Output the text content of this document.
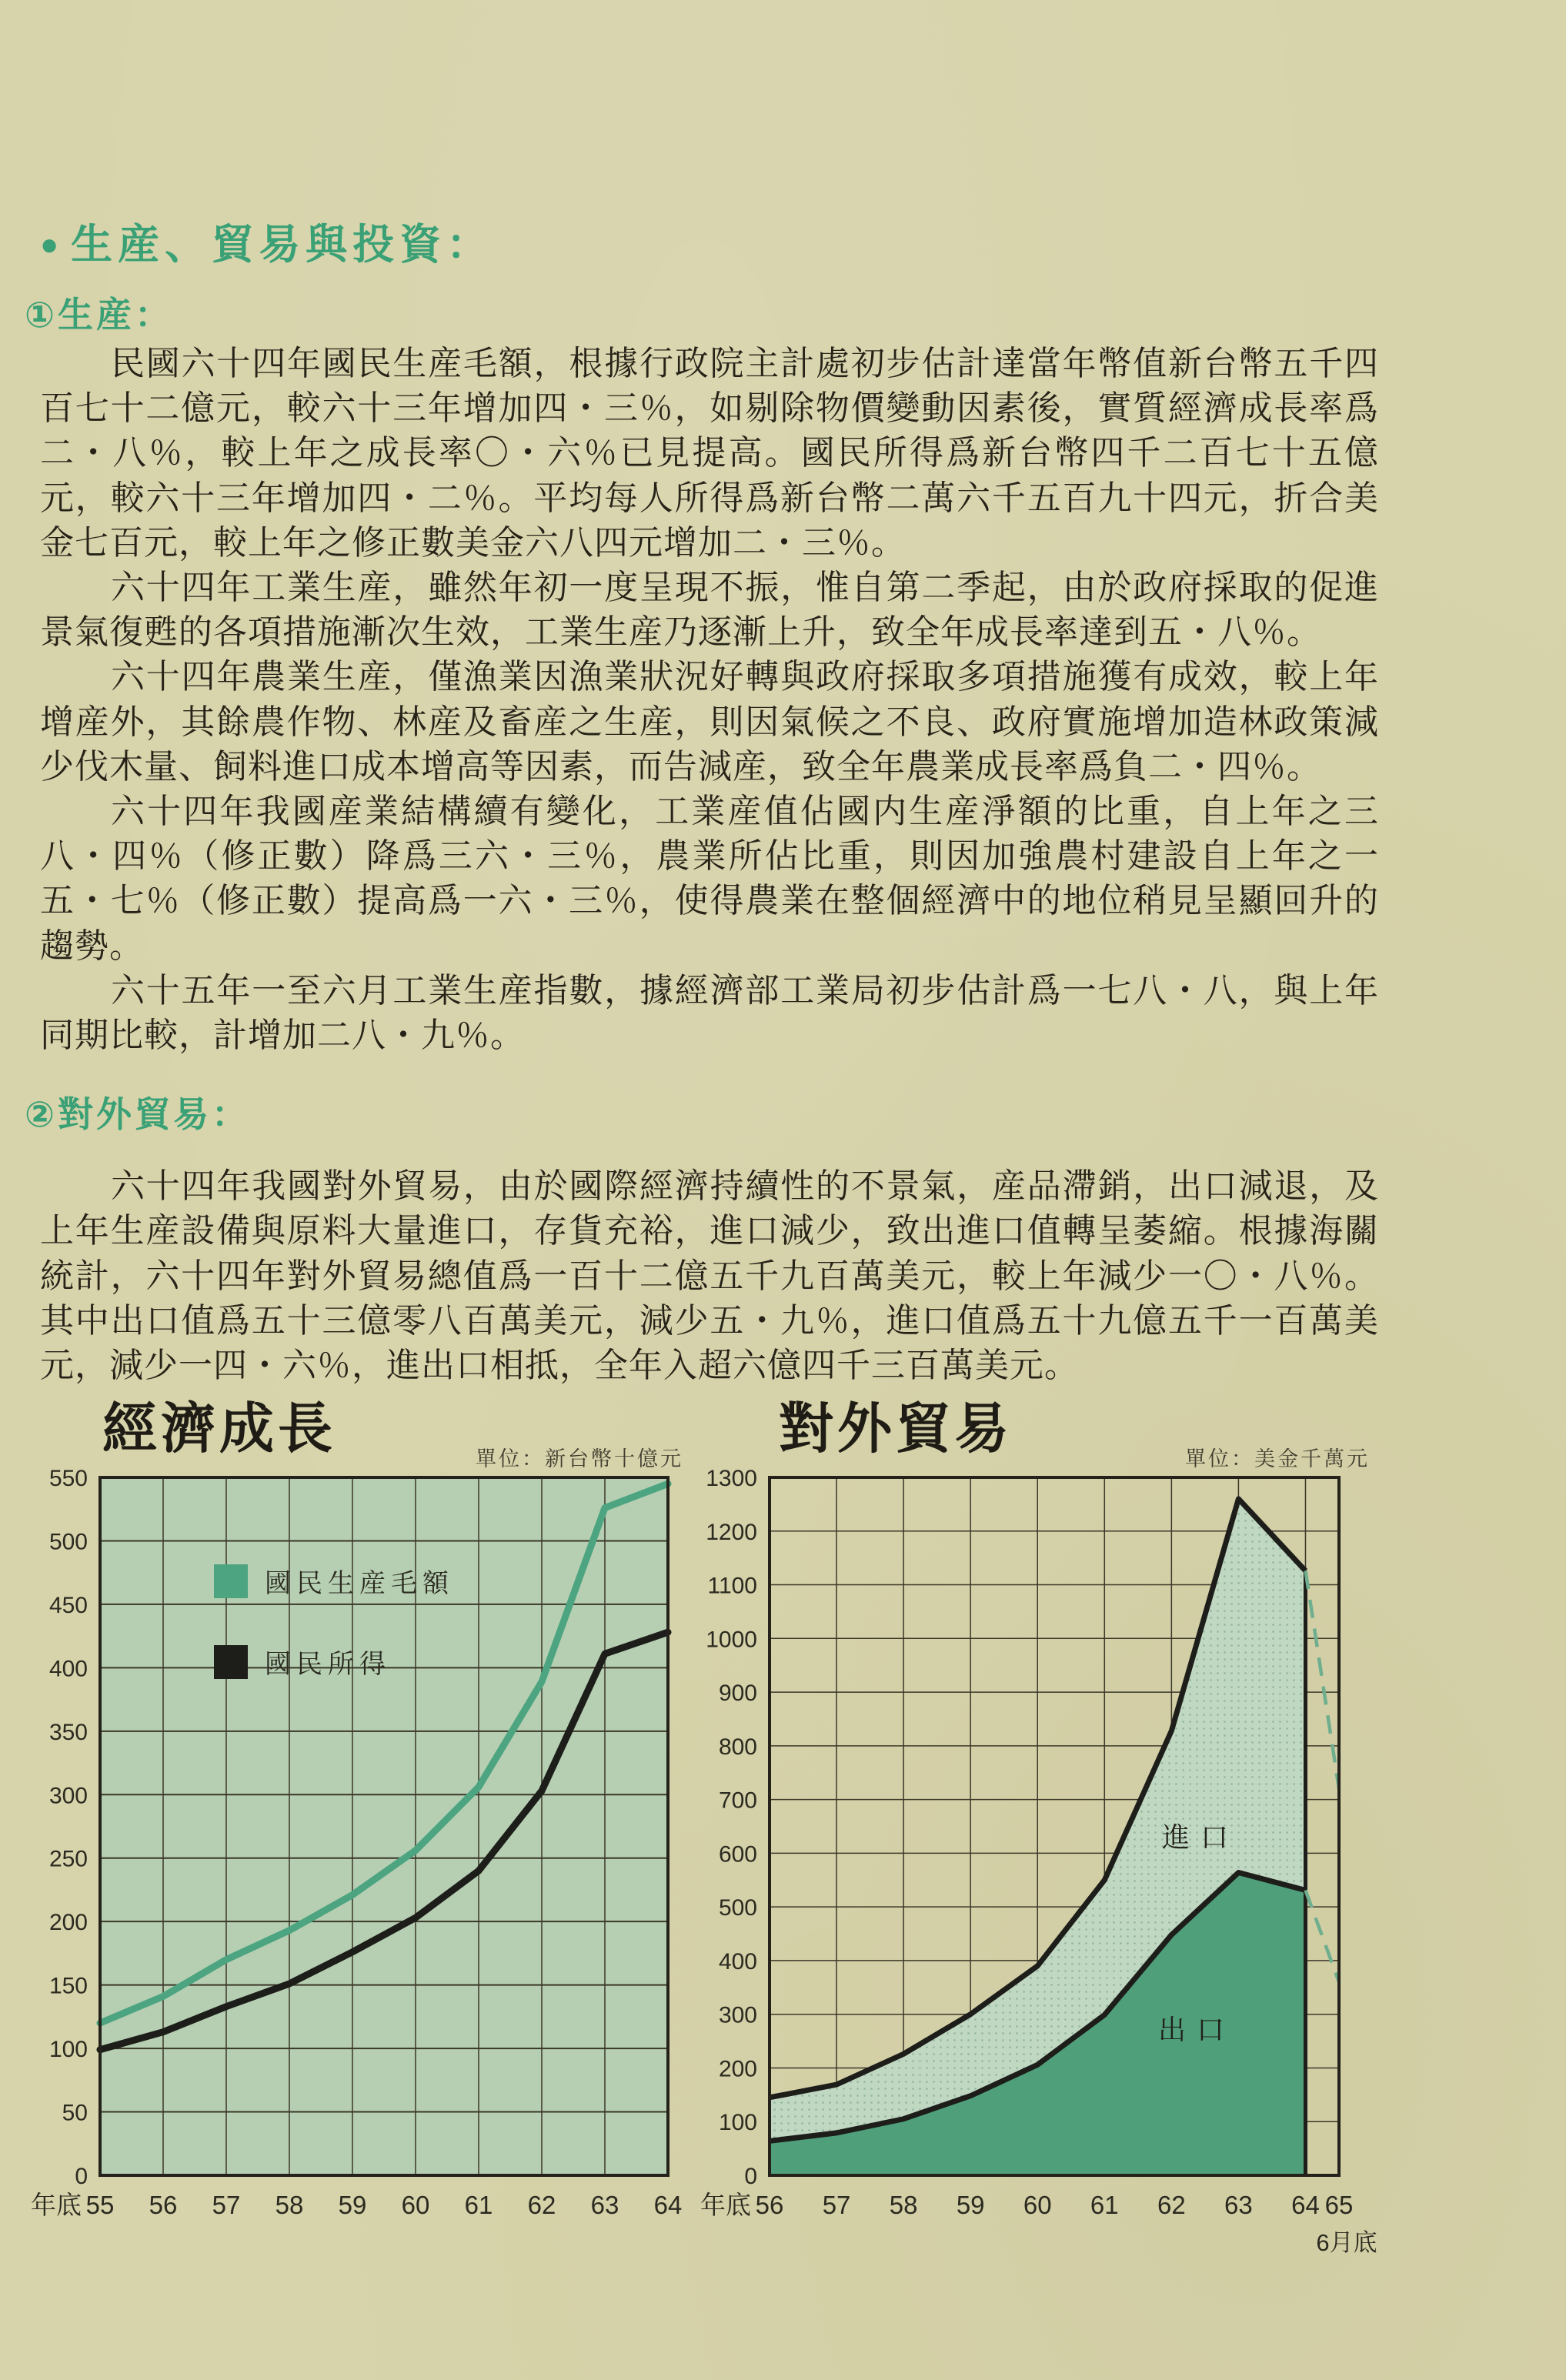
● 生産、貿易與投資：
①生産：

民國六十四年國民生産毛額，根據行政院主計處初步估計達當年幣值新台幣五千四百七十二億元，較六十三年增加四・三％，如剔除物價變動因素後，實質經濟成長率爲二・八％，較上年之成長率〇・六％已見提高。國民所得爲新台幣四千二百七十五億元，較六十三年增加四・二％。平均每人所得爲新台幣二萬六千五百九十四元，折合美金七百元，較上年之修正數美金六八四元增加二・三％。

六十四年工業生産，雖然年初一度呈現不振，惟自第二季起，由於政府採取的促進景氣復甦的各項措施漸次生效，工業生産乃逐漸上升，致全年成長率達到五・八％。

六十四年農業生産，僅漁業因漁業狀況好轉與政府採取多項措施獲有成效，較上年增産外，其餘農作物、林産及畜産之生産，則因氣候之不良、政府實施增加造林政策減少伐木量、飼料進口成本增高等因素，而告減産，致全年農業成長率爲負二・四％。

六十四年我國産業結構續有變化，工業産值佔國内生産淨額的比重，自上年之三八・四％（修正數）降爲三六・三％，農業所佔比重，則因加強農村建設自上年之一五・七％（修正數）提高爲一六・三％，使得農業在整個經濟中的地位稍見呈顯回升的趨勢。

六十五年一至六月工業生産指數，據經濟部工業局初步估計爲一七八・八，與上年同期比較，計增加二八・九％。

②對外貿易：

六十四年我國對外貿易，由於國際經濟持續性的不景氣，産品滯銷，出口減退，及上年生産設備與原料大量進口，存貨充裕，進口減少，致出進口值轉呈萎縮。根據海關統計，六十四年對外貿易總值爲一百十二億五千九百萬美元，較上年減少一〇・八％。其中出口值爲五十三億零八百萬美元，減少五・九％，進口值爲五十九億五千一百萬美元，減少一四・六％，進出口相抵，全年入超六億四千三百萬美元。

經濟成長	單位：新台幣十億元
0
50
100
150
200
250
300
350
400
450
500
550
55 56 57 58 59 60 61 62 63 64
年底
國民生産毛額
國民所得
對外貿易	單位：美金千萬元
0
100
200
300
400
500
600
700
800
900
1000
1100
1200
1300
56 57 58 59 60 61 62 63 64 65
年底
6月底
進口
出口
